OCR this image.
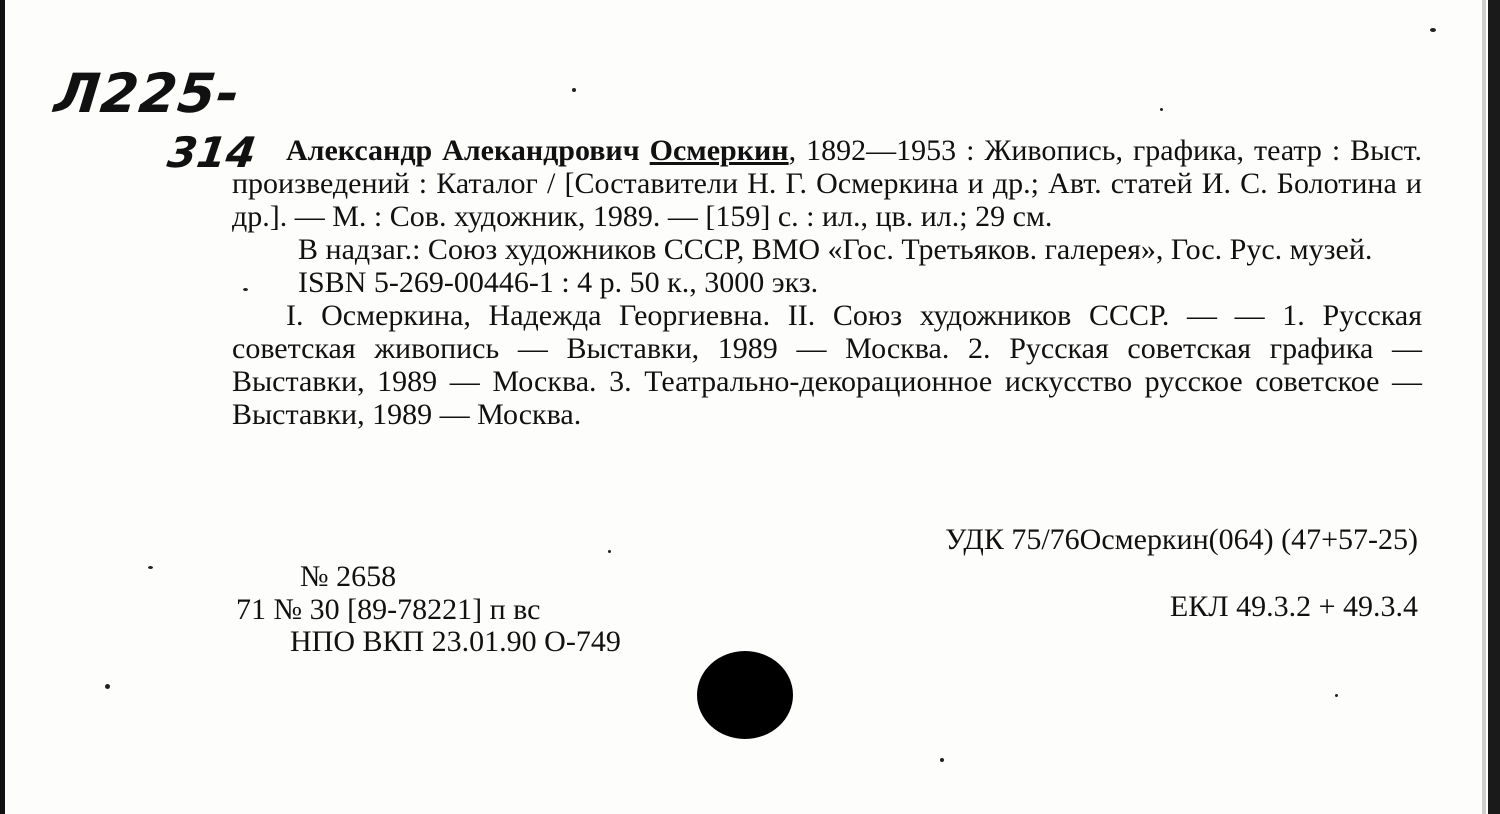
Л225-
314 Александр Алекандрович Осмеркин, 1892—1953 : Живопись, графика, театр : Выст. произведений : Каталог / [Составители Н. Г. Осмеркина и др.; Авт. статей И. С. Болотина и др.]. — М. : Сов. художник, 1989. — [159] с. : ил., цв. ил.; 29 см.

В надзаг.: Союз художников СССР, ВМО «Гос. Третьяков. галерея», Гос. Рус. музей.

ISBN 5-269-00446-1 : 4 р. 50 к., 3000 экз.

I. Осмеркина, Надежда Георгиевна. II. Союз художников СССР. — — 1. Русская советская живопись — Выставки, 1989 — Москва. 2. Русская советская графика — Выставки, 1989 — Москва. 3. Театрально-декорационное искусство русское советское — Выставки, 1989 — Москва.

УДК 75/76Осмеркин(064) (47+57-25)
№ 2658
71 № 30 [89-78221] п вс	ЕКЛ 49.3.2 + 49.3.4
НПО ВКП 23.01.90 О-749
